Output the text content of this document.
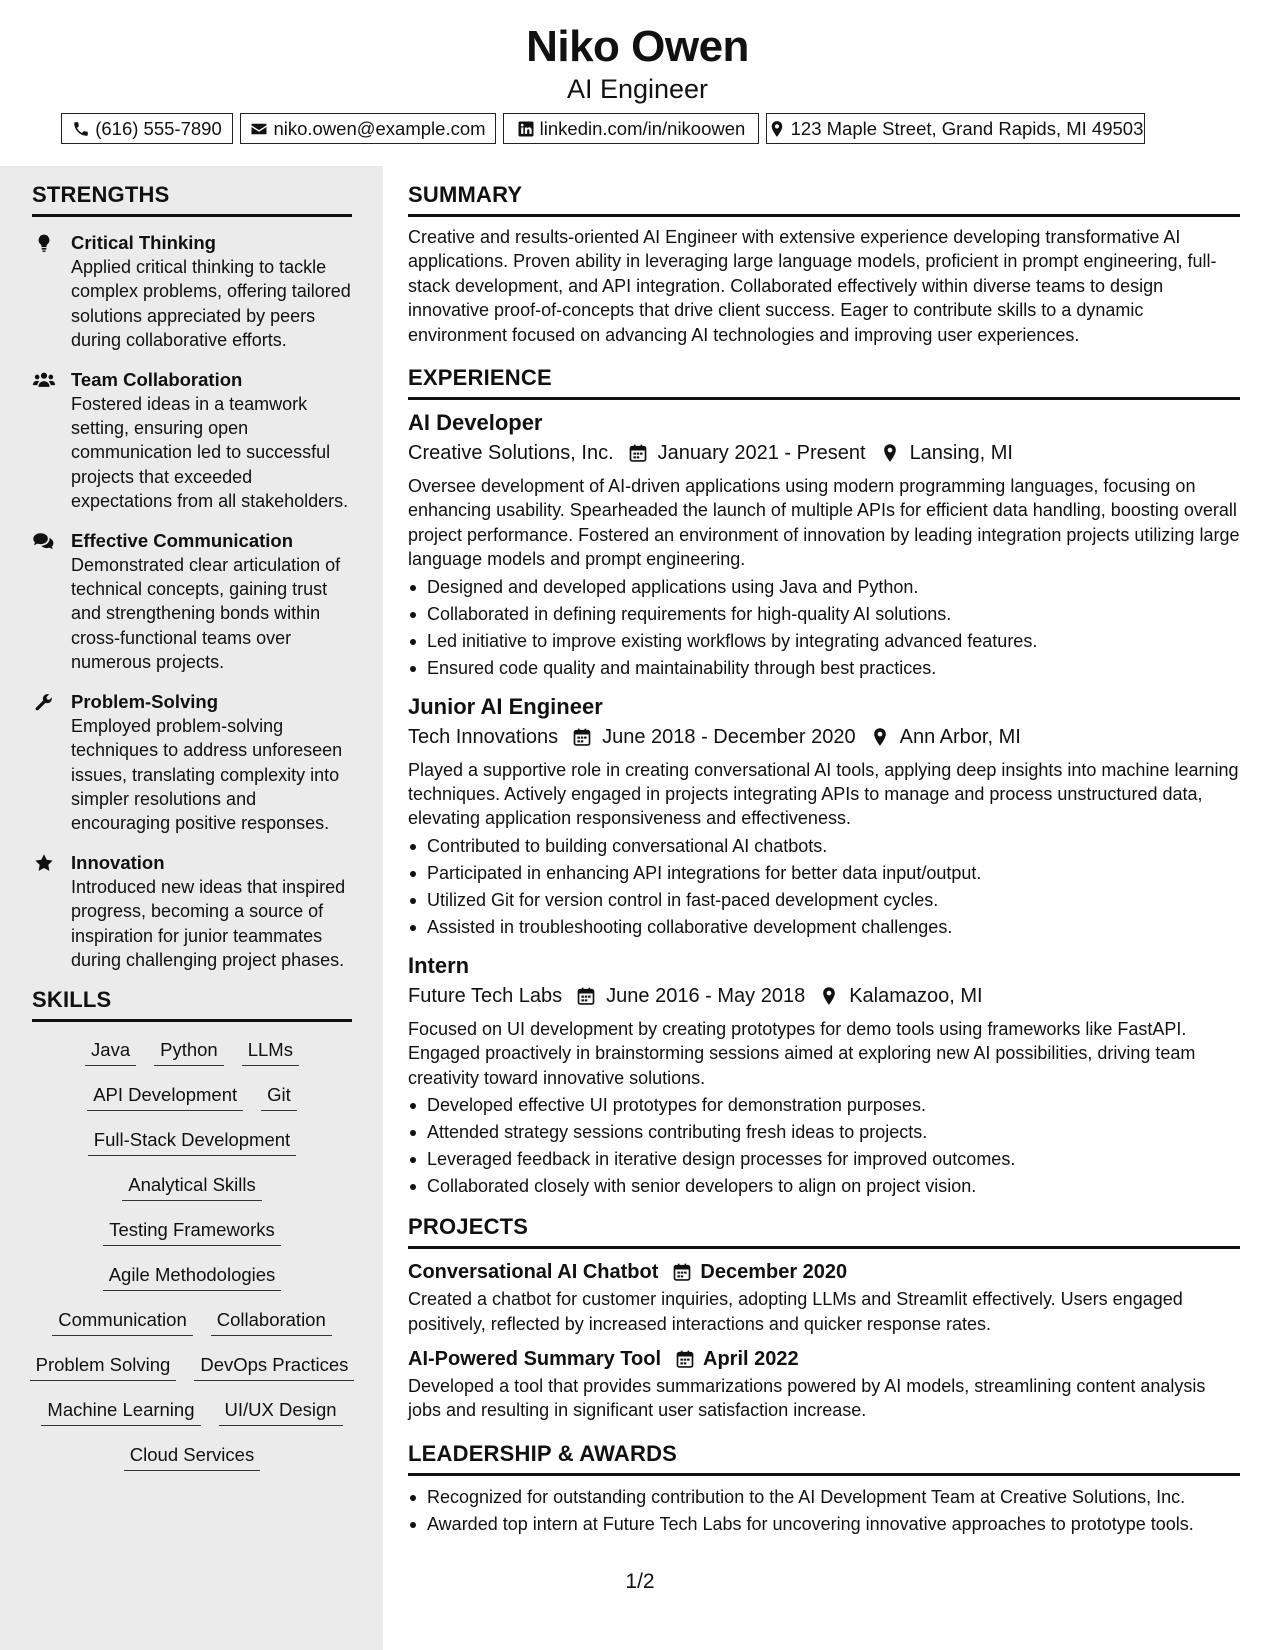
Niko Owen
AI Engineer
(616) 555-7890	niko.owen@example.com	linkedin.com/in/nikoowen 123 Maple Street, Grand Rapids, MI 49503
STRENGTHS
Critical Thinking
Applied critical thinking to tackle complex problems, offering tailored solutions appreciated by peers during collaborative efforts.
Team Collaboration
Fostered ideas in a teamwork setting, ensuring open communication led to successful projects that exceeded expectations from all stakeholders.
Effective Communication
Demonstrated clear articulation of technical concepts, gaining trust and strengthening bonds within cross-functional teams over numerous projects.
Problem-Solving
Employed problem-solving techniques to address unforeseen issues, translating complexity into simpler resolutions and encouraging positive responses.
Innovation
Introduced new ideas that inspired progress, becoming a source of inspiration for junior teammates during challenging project phases.
SKILLS
Java	Python	LLMs
API Development	Git
Full-Stack Development
Analytical Skills
Testing Frameworks
Agile Methodologies
Communication	Collaboration
Problem Solving	DevOps Practices
Machine Learning	UI/UX Design
Cloud Services
SUMMARY
Creative and results-oriented AI Engineer with extensive experience developing transformative AI applications. Proven ability in leveraging large language models, proficient in prompt engineering, full-stack development, and API integration. Collaborated effectively within diverse teams to design innovative proof-of-concepts that drive client success. Eager to contribute skills to a dynamic environment focused on advancing AI technologies and improving user experiences.
EXPERIENCE
AI Developer
Creative Solutions, Inc. January 2021 - Present Lansing, MI
Oversee development of AI-driven applications using modern programming languages, focusing on enhancing usability. Spearheaded the launch of multiple APIs for efficient data handling, boosting overall project performance. Fostered an environment of innovation by leading integration projects utilizing large language models and prompt engineering.
Designed and developed applications using Java and Python.
Collaborated in defining requirements for high-quality AI solutions.
Led initiative to improve existing workflows by integrating advanced features.
Ensured code quality and maintainability through best practices.
Junior AI Engineer
Tech Innovations June 2018 - December 2020 Ann Arbor, MI
Played a supportive role in creating conversational AI tools, applying deep insights into machine learning techniques. Actively engaged in projects integrating APIs to manage and process unstructured data, elevating application responsiveness and effectiveness.
Contributed to building conversational AI chatbots.
Participated in enhancing API integrations for better data input/output.
Utilized Git for version control in fast-paced development cycles.
Assisted in troubleshooting collaborative development challenges.
Intern
Future Tech Labs June 2016 - May 2018 Kalamazoo, MI
Focused on UI development by creating prototypes for demo tools using frameworks like FastAPI. Engaged proactively in brainstorming sessions aimed at exploring new AI possibilities, driving team creativity toward innovative solutions.
Developed effective UI prototypes for demonstration purposes.
Attended strategy sessions contributing fresh ideas to projects.
Leveraged feedback in iterative design processes for improved outcomes.
Collaborated closely with senior developers to align on project vision.
PROJECTS
Conversational AI Chatbot December 2020
Created a chatbot for customer inquiries, adopting LLMs and Streamlit effectively. Users engaged positively, reflected by increased interactions and quicker response rates.
AI-Powered Summary Tool April 2022
Developed a tool that provides summarizations powered by AI models, streamlining content analysis jobs and resulting in significant user satisfaction increase.
LEADERSHIP & AWARDS
Recognized for outstanding contribution to the AI Development Team at Creative Solutions, Inc.
Awarded top intern at Future Tech Labs for uncovering innovative approaches to prototype tools.
1/2
